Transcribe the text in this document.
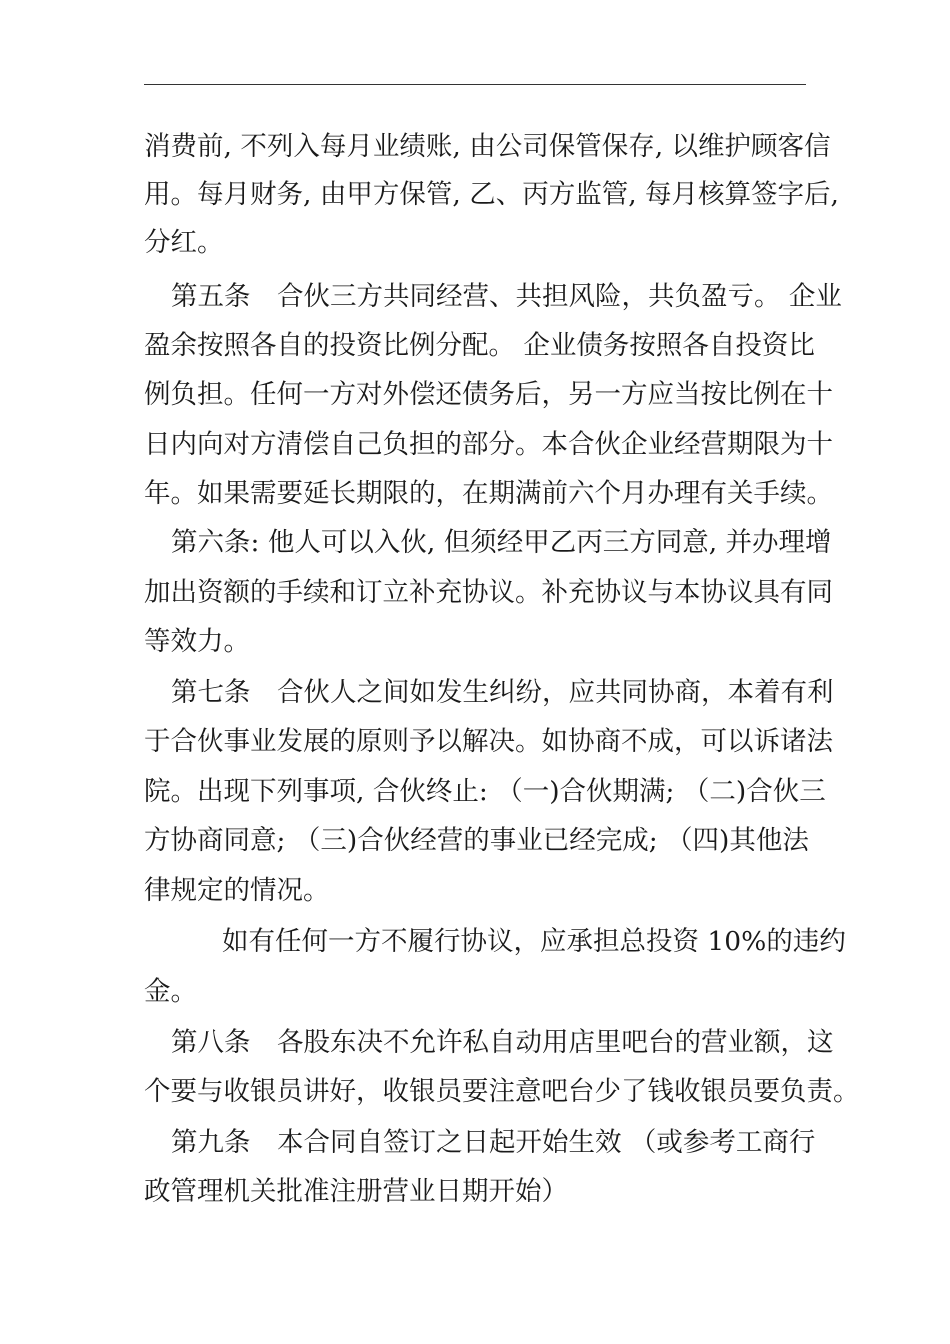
消费前, 不列入每月业绩账, 由公司保管保存, 以维护顾客信
用。每月财务, 由甲方保管, 乙、丙方监管, 每月核算签字后,
分红。
第五条　合伙三方共同经营、共担风险，共负盈亏。 企业
盈余按照各自的投资比例分配。 企业债务按照各自投资比
例负担。任何一方对外偿还债务后，另一方应当按比例在十
日内向对方清偿自己负担的部分。本合伙企业经营期限为十
年。如果需要延长期限的，在期满前六个月办理有关手续。
第六条: 他人可以入伙, 但须经甲乙丙三方同意, 并办理增
加出资额的手续和订立补充协议。补充协议与本协议具有同
等效力。
第七条　合伙人之间如发生纠纷，应共同协商，本着有利
于合伙事业发展的原则予以解决。如协商不成，可以诉诸法
院。出现下列事项, 合伙终止: （一)合伙期满; （二)合伙三
方协商同意; （三)合伙经营的事业已经完成; （四)其他法
律规定的情况。
如有任何一方不履行协议，应承担总投资 10%的违约
金。
第八条　各股东决不允许私自动用店里吧台的营业额，这
个要与收银员讲好，收银员要注意吧台少了钱收银员要负责。
第九条　本合同自签订之日起开始生效 （或参考工商行
政管理机关批准注册营业日期开始）
